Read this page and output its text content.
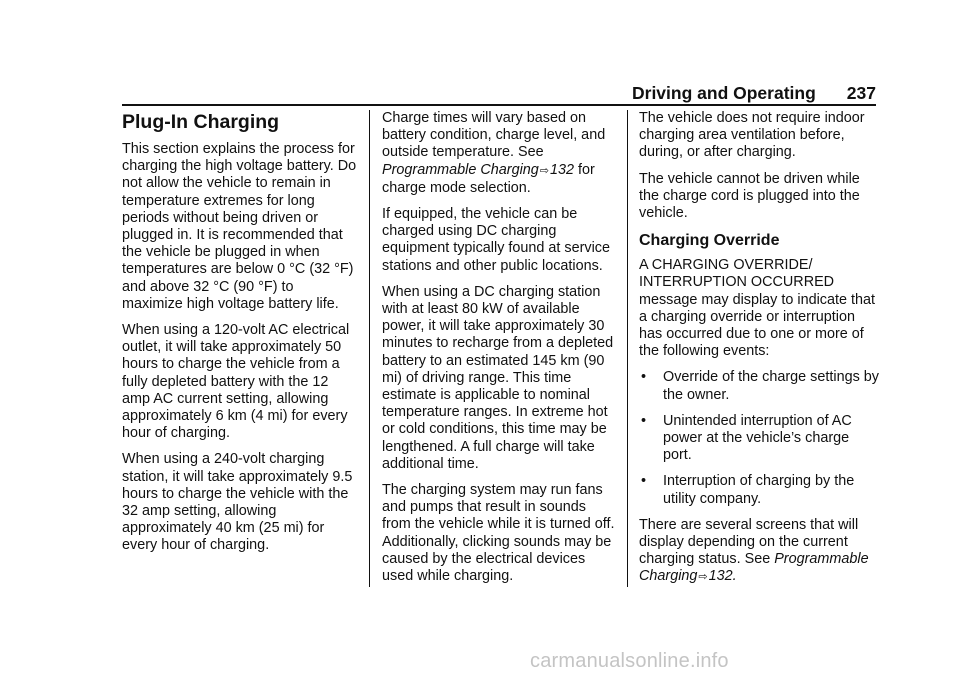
Driving and Operating 237
Plug-In Charging

This section explains the process for charging the high voltage battery. Do not allow the vehicle to remain in temperature extremes for long periods without being driven or plugged in. It is recommended that the vehicle be plugged in when temperatures are below 0 °C (32 °F) and above 32 °C (90 °F) to maximize high voltage battery life.

When using a 120-volt AC electrical outlet, it will take approximately 50 hours to charge the vehicle from a fully depleted battery with the 12 amp AC current setting, allowing approximately 6 km (4 mi) for every hour of charging.

When using a 240-volt charging station, it will take approximately 9.5 hours to charge the vehicle with the 32 amp setting, allowing approximately 40 km (25 mi) for every hour of charging.

Charge times will vary based on battery condition, charge level, and outside temperature. See Programmable Charging⇨132 for charge mode selection.

If equipped, the vehicle can be charged using DC charging equipment typically found at service stations and other public locations.

When using a DC charging station with at least 80 kW of available power, it will take approximately 30 minutes to recharge from a depleted battery to an estimated 145 km (90 mi) of driving range. This time estimate is applicable to nominal temperature ranges. In extreme hot or cold conditions, this time may be lengthened. A full charge will take additional time.

The charging system may run fans and pumps that result in sounds from the vehicle while it is turned off. Additionally, clicking sounds may be caused by the electrical devices used while charging.

The vehicle does not require indoor charging area ventilation before, during, or after charging.

The vehicle cannot be driven while the charge cord is plugged into the vehicle.

Charging Override

A CHARGING OVERRIDE/ INTERRUPTION OCCURRED message may display to indicate that a charging override or interruption has occurred due to one or more of the following events:

•	Override of the charge settings by the owner.
•	Unintended interruption of AC power at the vehicle’s charge port.
•	Interruption of charging by the utility company.

There are several screens that will display depending on the current charging status. See Programmable Charging⇨132.

carmanualsonline.info
